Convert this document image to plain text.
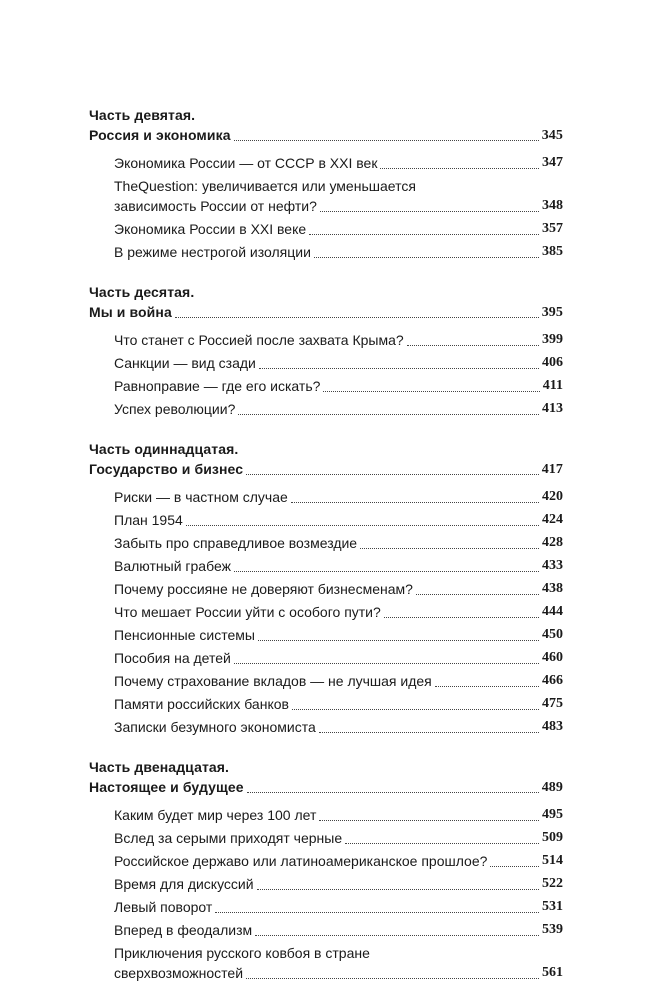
Часть девятая.
Россия и экономика	345
Экономика России — от СССР в XXI век	347
TheQuestion: увеличивается или уменьшается
зависимость России от нефти?	348
Экономика России в XXI веке	357
В режиме нестрогой изоляции	385
Часть десятая.
Мы и война	395
Что станет с Россией после захвата Крыма?	399
Санкции — вид сзади	406
Равноправие — где его искать?	411
Успех революции?	413
Часть одиннадцатая.
Государство и бизнес	417
Риски — в частном случае	420
План 1954	424
Забыть про справедливое возмездие	428
Валютный грабеж	433
Почему россияне не доверяют бизнесменам?	438
Что мешает России уйти с особого пути?	444
Пенсионные системы	450
Пособия на детей	460
Почему страхование вкладов — не лучшая идея	466
Памяти российских банков	475
Записки безумного экономиста	483
Часть двенадцатая.
Настоящее и будущее	489
Каким будет мир через 100 лет	495
Вслед за серыми приходят черные	509
Российское державо или латиноамериканское прошлое?	514
Время для дискуссий	522
Левый поворот	531
Вперед в феодализм	539
Приключения русского ковбоя в стране
сверхвозможностей	561
